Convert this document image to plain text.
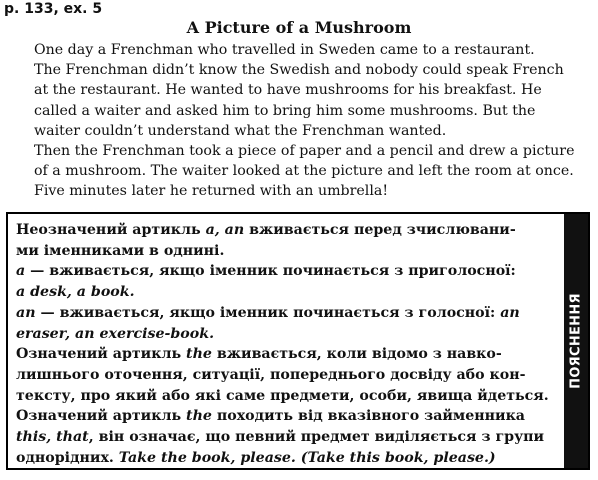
p. 133, ex. 5
A Picture of a Mushroom
One day a Frenchman who travelled in Sweden came to a restaurant.
The Frenchman didn’t know the Swedish and nobody could speak French
at the restaurant. He wanted to have mushrooms for his breakfast. He
called a waiter and asked him to bring him some mushrooms. But the
waiter couldn’t understand what the Frenchman wanted.
Then the Frenchman took a piece of paper and a pencil and drew a picture
of a mushroom. The waiter looked at the picture and left the room at once.
Five minutes later he returned with an umbrella!
Неозначений артикль a, an вживається перед зчислювани-
ми іменниками в однині.
a — вживається, якщо іменник починається з приголосної:
a desk, a book.
an — вживається, якщо іменник починається з голосної: an
eraser, an exercise-book.
Означений артикль the вживається, коли відомо з навко-
лишнього оточення, ситуації, попереднього досвіду або кон-
тексту, про який або які саме предмети, особи, явища йдеться.
Означений артикль the походить від вказівного займенника
this, that, він означає, що певний предмет виділяється з групи
однорідних. Take the book, please. (Take this book, please.)
ПОЯСНЕННЯ
